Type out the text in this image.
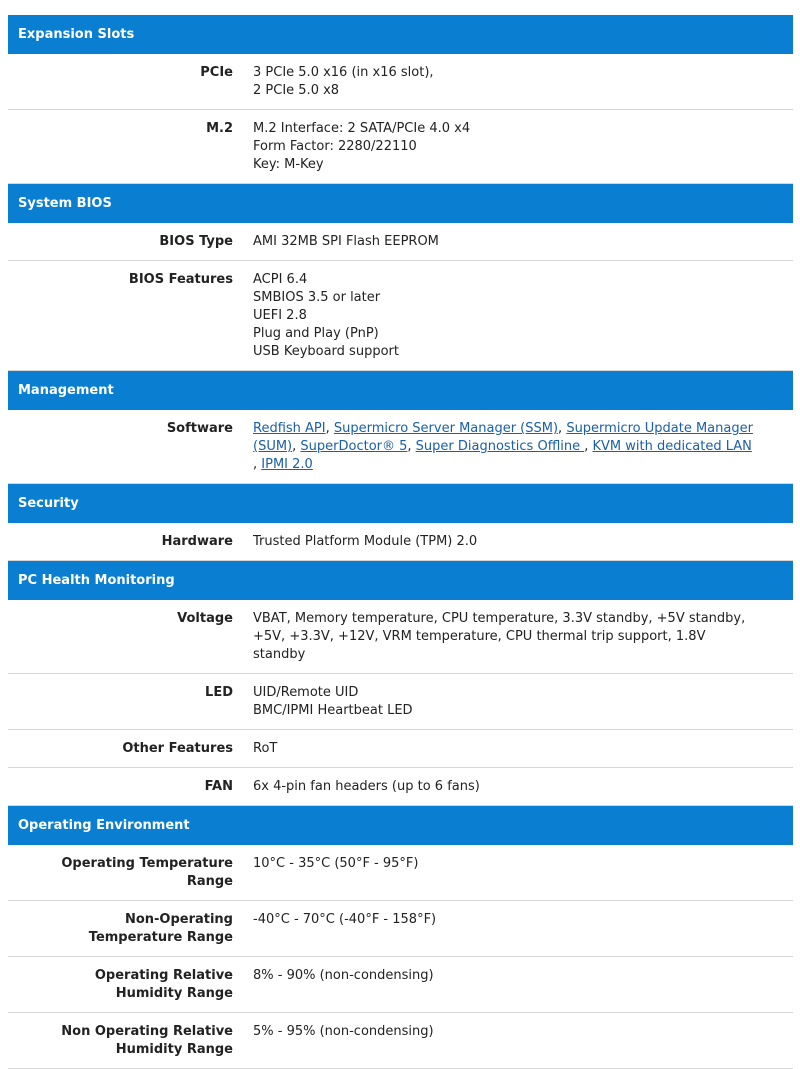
Expansion Slots
PCIe 3 PCIe 5.0 x16 (in x16 slot),
2 PCIe 5.0 x8
M.2 M.2 Interface: 2 SATA/PCIe 4.0 x4
Form Factor: 2280/22110
Key: M-Key
System BIOS
BIOS Type AMI 32MB SPI Flash EEPROM
BIOS Features ACPI 6.4
SMBIOS 3.5 or later
UEFI 2.8
Plug and Play (PnP)
USB Keyboard support
Management
Software	Redfish API, Supermicro Server Manager (SSM), Supermicro Update Manager (SUM), SuperDoctor® 5, Super Diagnostics Offline , KVM with dedicated LAN , IPMI 2.0
Security
Hardware Trusted Platform Module (TPM) 2.0
PC Health Monitoring
Voltage VBAT, Memory temperature, CPU temperature, 3.3V standby, +5V standby, +5V, +3.3V, +12V, VRM temperature, CPU thermal trip support, 1.8V standby
LED UID/Remote UID
BMC/IPMI Heartbeat LED
Other Features RoT
FAN 6x 4-pin fan headers (up to 6 fans)
Operating Environment
Operating Temperature Range
10°C - 35°C (50°F - 95°F)
Non-Operating Temperature Range
-40°C - 70°C (-40°F - 158°F)
Operating Relative Humidity Range
8% - 90% (non-condensing)
Non Operating Relative Humidity Range
5% - 95% (non-condensing)
